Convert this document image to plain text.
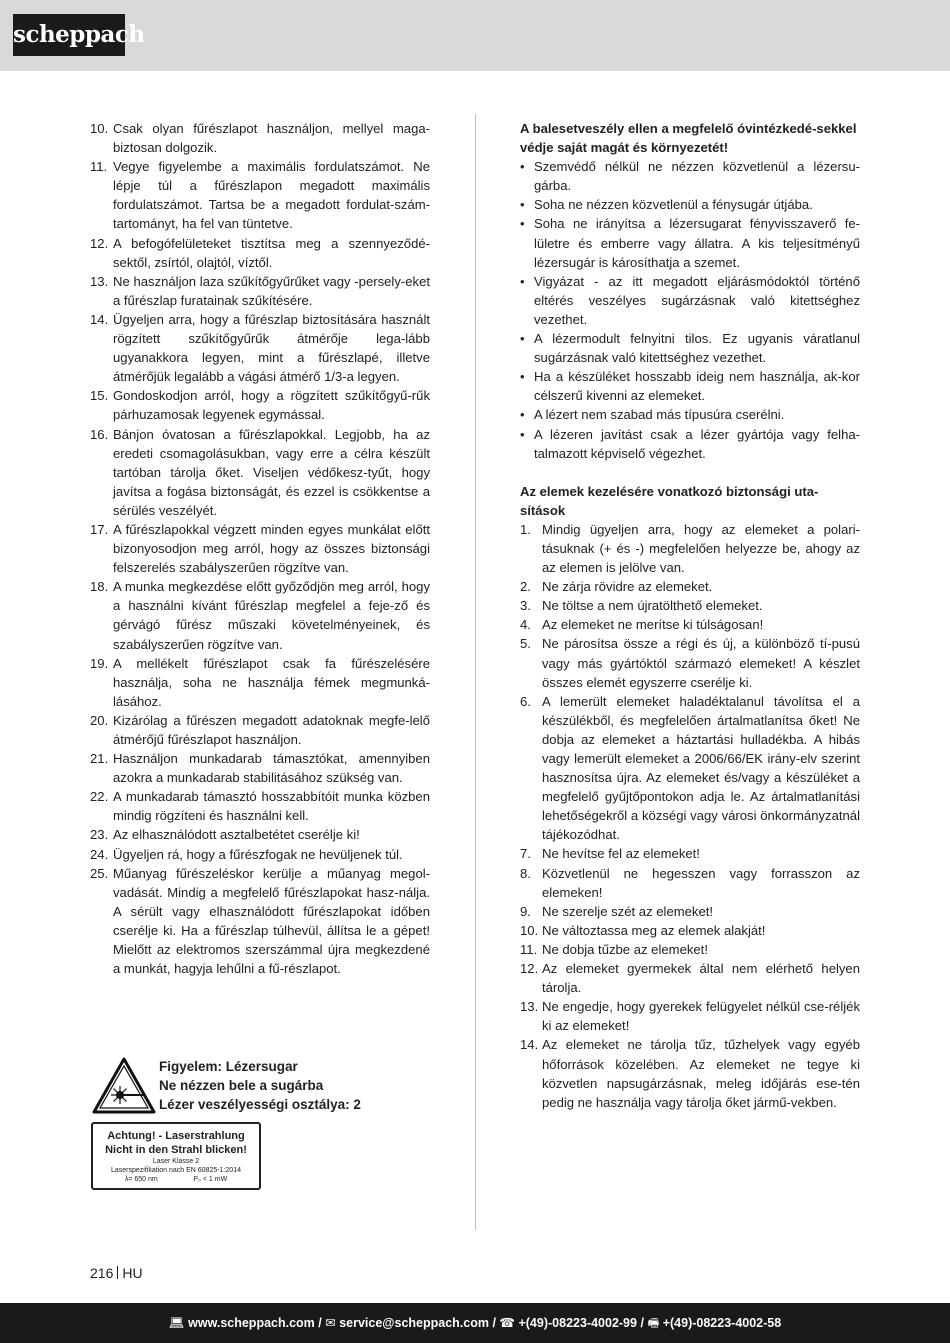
scheppach
10. Csak olyan fűrészlapot használjon, mellyel maga-biztosan dolgozik.
11. Vegye figyelembe a maximális fordulatszámot. Ne lépje túl a fűrészlapon megadott maximális fordulatszámot. Tartsa be a megadott fordulat-szám-tartományt, ha fel van tüntetve.
12. A befogófelületeket tisztítsa meg a szennyeződé-sektől, zsírtól, olajtól, víztől.
13. Ne használjon laza szűkítőgyűrűket vagy -persely-eket a fűrészlap furatainak szűkítésére.
14. Ügyeljen arra, hogy a fűrészlap biztosítására használt rögzített szűkítőgyűrűk átmérője lega-lább ugyanakkora legyen, mint a fűrészlapé, illetve átmérőjük legalább a vágási átmérő 1/3-a legyen.
15. Gondoskodjon arról, hogy a rögzített szűkítőgyű-rűk párhuzamosak legyenek egymással.
16. Bánjon óvatosan a fűrészlapokkal. Legjobb, ha az eredeti csomagolásukban, vagy erre a célra készült tartóban tárolja őket. Viseljen védőkesz-tyűt, hogy javítsa a fogása biztonságát, és ezzel is csökkentse a sérülés veszélyét.
17. A fűrészlapokkal végzett minden egyes munkálat előtt bizonyosodjon meg arról, hogy az összes biztonsági felszerelés szabályszerűen rögzítve van.
18. A munka megkezdése előtt győződjön meg arról, hogy a használni kívánt fűrészlap megfelel a feje-ző és gérvágó fűrész műszaki követelményeinek, és szabályszerűen rögzítve van.
19. A mellékelt fűrészlapot csak fa fűrészelésére használja, soha ne használja fémek megmunká-lásához.
20. Kizárólag a fűrészen megadott adatoknak megfe-lelő átmérőjű fűrészlapot használjon.
21. Használjon munkadarab támasztókat, amennyiben azokra a munkadarab stabilitásához szükség van.
22. A munkadarab támasztó hosszabbítóit munka közben mindig rögzíteni és használni kell.
23. Az elhasználódott asztalbetétet cserélje ki!
24. Ügyeljen rá, hogy a fűrészfogak ne hevüljenek túl.
25. Műanyag fűrészeléskor kerülje a műanyag megol-vadását. Mindig a megfelelő fűrészlapokat hasz-nálja. A sérült vagy elhasználódott fűrészlapokat időben cserélje ki. Ha a fűrészlap túlhevül, állítsa le a gépet! Mielőtt az elektromos szerszámmal újra megkezdené a munkát, hagyja lehűlni a fű-részlapot.
Figyelem: Lézersugar
Ne nézzen bele a sugárba
Lézer veszélyességi osztálya: 2
Achtung! - Laserstrahlung
Nicht in den Strahl blicken!
Laser Klasse 2
Laserspezifikation nach EN 60825-1:2014
λ= 650 nm	P₀ < 1 mW
A balesetveszély ellen a megfelelő óvintézkedé-sekkel védje saját magát és környezetét!
• Szemvédő nélkül ne nézzen közvetlenül a lézersu-gárba.
• Soha ne nézzen közvetlenül a fénysugár útjába.
• Soha ne irányítsa a lézersugarat fényvisszaverő fe-lületre és emberre vagy állatra. A kis teljesítményű lézersugár is károsíthatja a szemet.
• Vigyázat - az itt megadott eljárásmódoktól történő eltérés veszélyes sugárzásnak való kitettséghez vezethet.
• A lézermodult felnyitni tilos. Ez ugyanis váratlanul sugárzásnak való kitettséghez vezethet.
• Ha a készüléket hosszabb ideig nem használja, ak-kor célszerű kivenni az elemeket.
• A lézert nem szabad más típusúra cserélni.
• A lézeren javítást csak a lézer gyártója vagy felha-talmazott képviselő végezhet.
Az elemek kezelésére vonatkozó biztonsági uta-sítások
1. Mindig ügyeljen arra, hogy az elemeket a polari-tásuknak (+ és -) megfelelően helyezze be, ahogy az az elemen is jelölve van.
2. Ne zárja rövidre az elemeket.
3. Ne töltse a nem újratölthető elemeket.
4. Az elemeket ne merítse ki túlságosan!
5. Ne párosítsa össze a régi és új, a különböző tí-pusú vagy más gyártóktól származó elemeket! A készlet összes elemét egyszerre cserélje ki.
6. A lemerült elemeket haladéktalanul távolítsa el a készülékből, és megfelelően ártalmatlanítsa őket! Ne dobja az elemeket a háztartási hulladékba. A hibás vagy lemerült elemeket a 2006/66/EK irány-elv szerint hasznosítsa újra. Az elemeket és/vagy a készüléket a megfelelő gyűjtőpontokon adja le. Az ártalmatlanítási lehetőségekről a községi vagy városi önkormányzatnál tájékozódhat.
7. Ne hevítse fel az elemeket!
8. Közvetlenül ne hegesszen vagy forrasszon az elemeken!
9. Ne szerelje szét az elemeket!
10. Ne változtassa meg az elemek alakját!
11. Ne dobja tűzbe az elemeket!
12. Az elemeket gyermekek által nem elérhető helyen tárolja.
13. Ne engedje, hogy gyerekek felügyelet nélkül cse-réljék ki az elemeket!
14. Az elemeket ne tárolja tűz, tűzhelyek vagy egyéb hőforrások közelében. Az elemeket ne tegye ki közvetlen napsugárzásnak, meleg időjárás ese-tén pedig ne használja vagy tárolja őket jármű-vekben.
216 HU
💻︎ www.scheppach.com / ✉︎ service@scheppach.com / ☎︎ +(49)-08223-4002-99 / 🖷︎ +(49)-08223-4002-58
